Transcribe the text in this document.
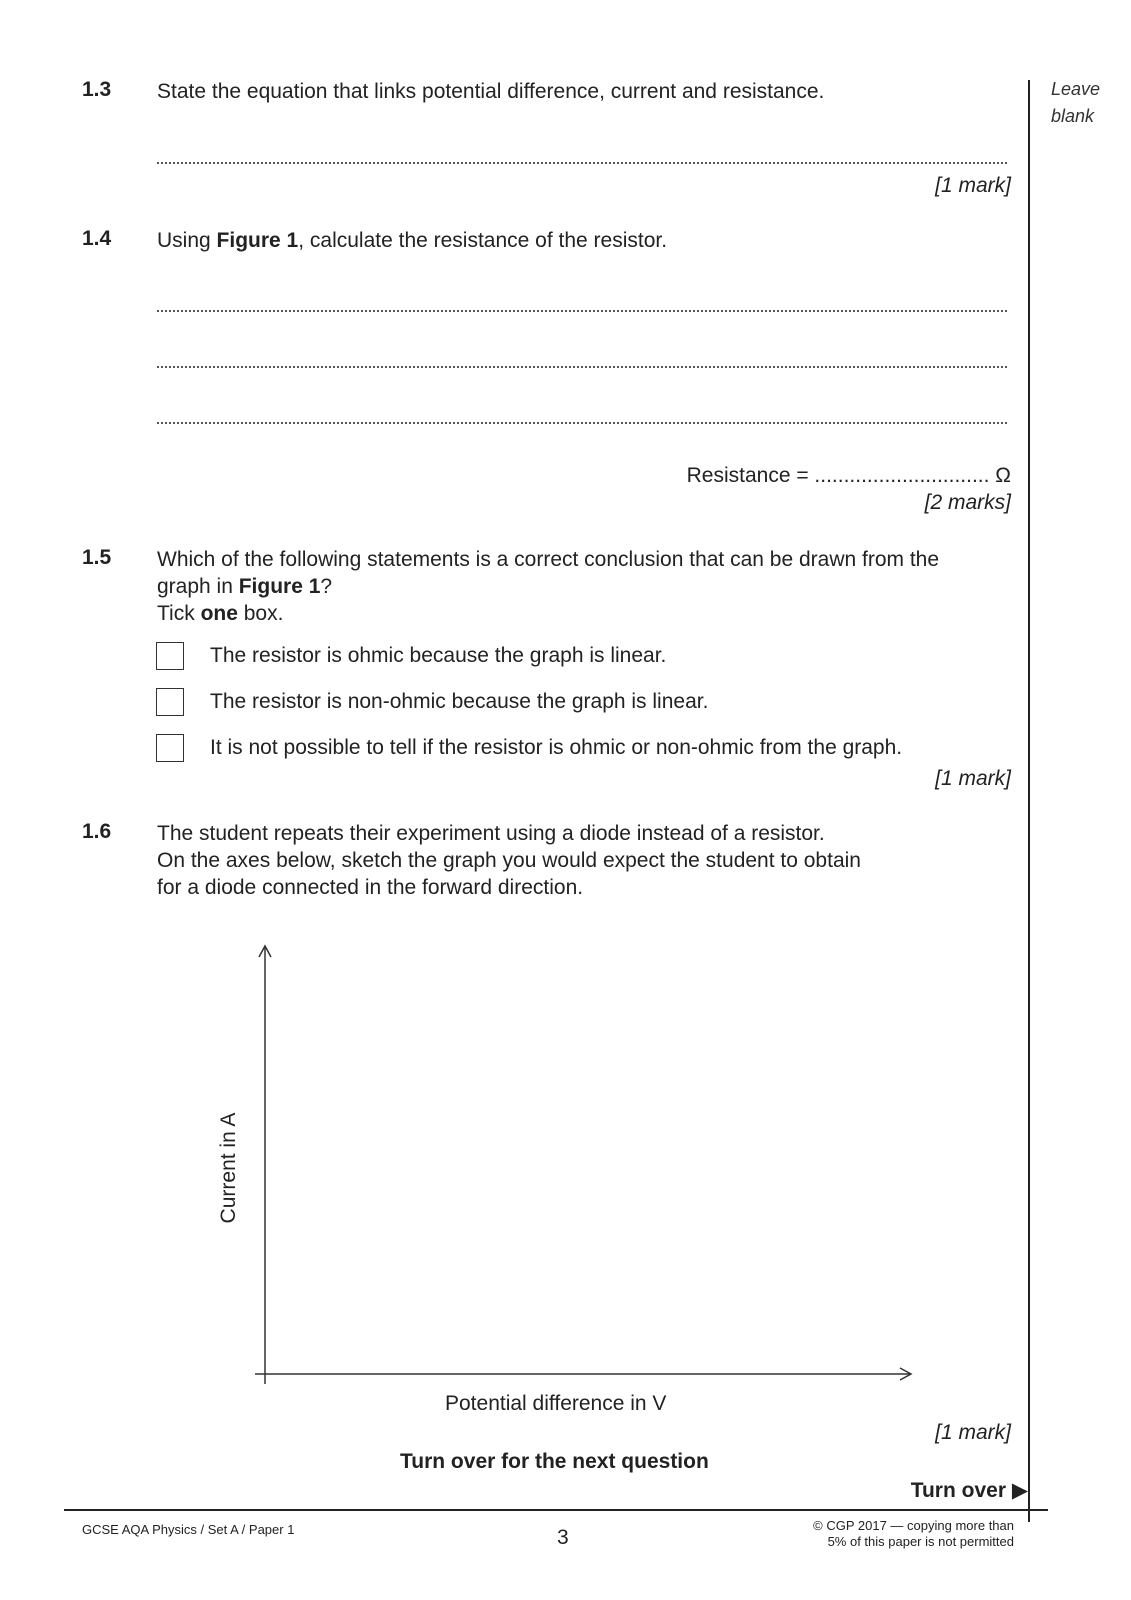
Leave
blank
1.3 State the equation that links potential difference, current and resistance.
[1 mark]
1.4 Using Figure 1, calculate the resistance of the resistor.
Resistance = .............................. Ω
[2 marks]
1.5 Which of the following statements is a correct conclusion that can be drawn from the
graph in Figure 1?
Tick one box.
The resistor is ohmic because the graph is linear.
The resistor is non-ohmic because the graph is linear.
It is not possible to tell if the resistor is ohmic or non-ohmic from the graph.
[1 mark]
1.6 The student repeats their experiment using a diode instead of a resistor.
On the axes below, sketch the graph you would expect the student to obtain
for a diode connected in the forward direction.
Current in A
Potential difference in V
[1 mark]
Turn over for the next question
Turn over ▶
GCSE AQA Physics / Set A / Paper 1	3
© CGP 2017 — copying more than
5% of this paper is not permitted
